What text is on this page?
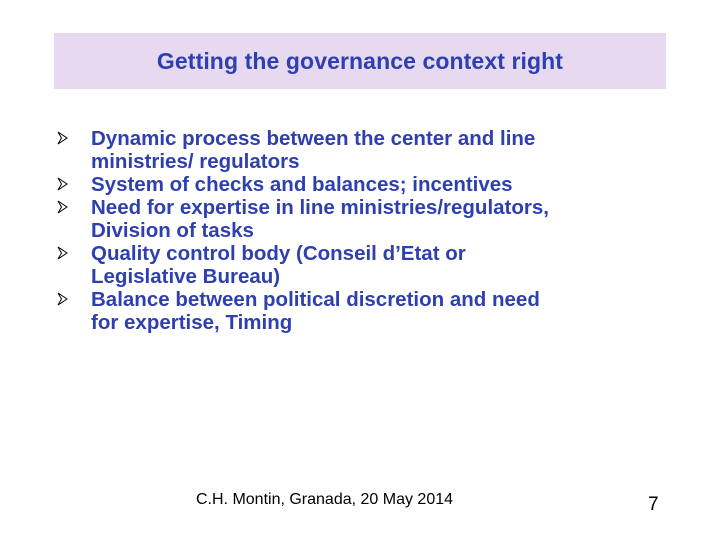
Getting the governance context right
Dynamic process between the center and line
ministries/ regulators
System of checks and balances; incentives
Need for expertise in line ministries/regulators,
Division of tasks
Quality control body (Conseil d’Etat or
Legislative Bureau)
Balance between political discretion and need
for expertise, Timing
C.H. Montin, Granada, 20 May 2014	7
